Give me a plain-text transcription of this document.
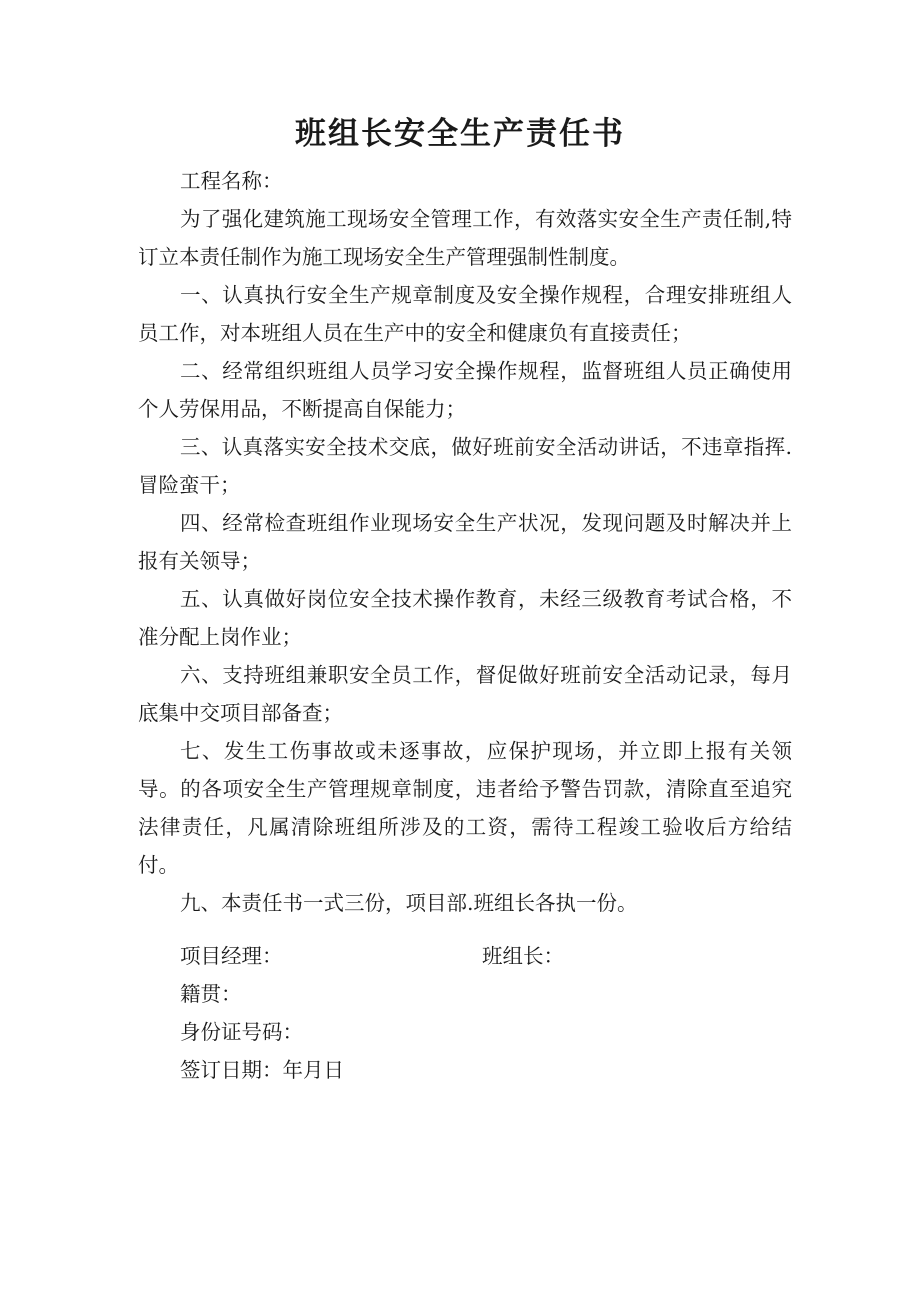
班组长安全生产责任书

工程名称：

为了强化建筑施工现场安全管理工作，有效落实安全生产责任制,特订立本责任制作为施工现场安全生产管理强制性制度。

一、认真执行安全生产规章制度及安全操作规程，合理安排班组人员工作，对本班组人员在生产中的安全和健康负有直接责任；

二、经常组织班组人员学习安全操作规程，监督班组人员正确使用个人劳保用品，不断提高自保能力；

三、认真落实安全技术交底，做好班前安全活动讲话，不违章指挥.冒险蛮干；

四、经常检查班组作业现场安全生产状况，发现问题及时解决并上报有关领导；

五、认真做好岗位安全技术操作教育，未经三级教育考试合格，不准分配上岗作业；

六、支持班组兼职安全员工作，督促做好班前安全活动记录，每月底集中交项目部备查；

七、发生工伤事故或未逐事故，应保护现场，并立即上报有关领导。的各项安全生产管理规章制度，违者给予警告罚款，清除直至追究法律责任，凡属清除班组所涉及的工资，需待工程竣工验收后方给结付。

九、本责任书一式三份，项目部.班组长各执一份。

项目经理：	班组长：
籍贯：
身份证号码：
签订日期：年月日
